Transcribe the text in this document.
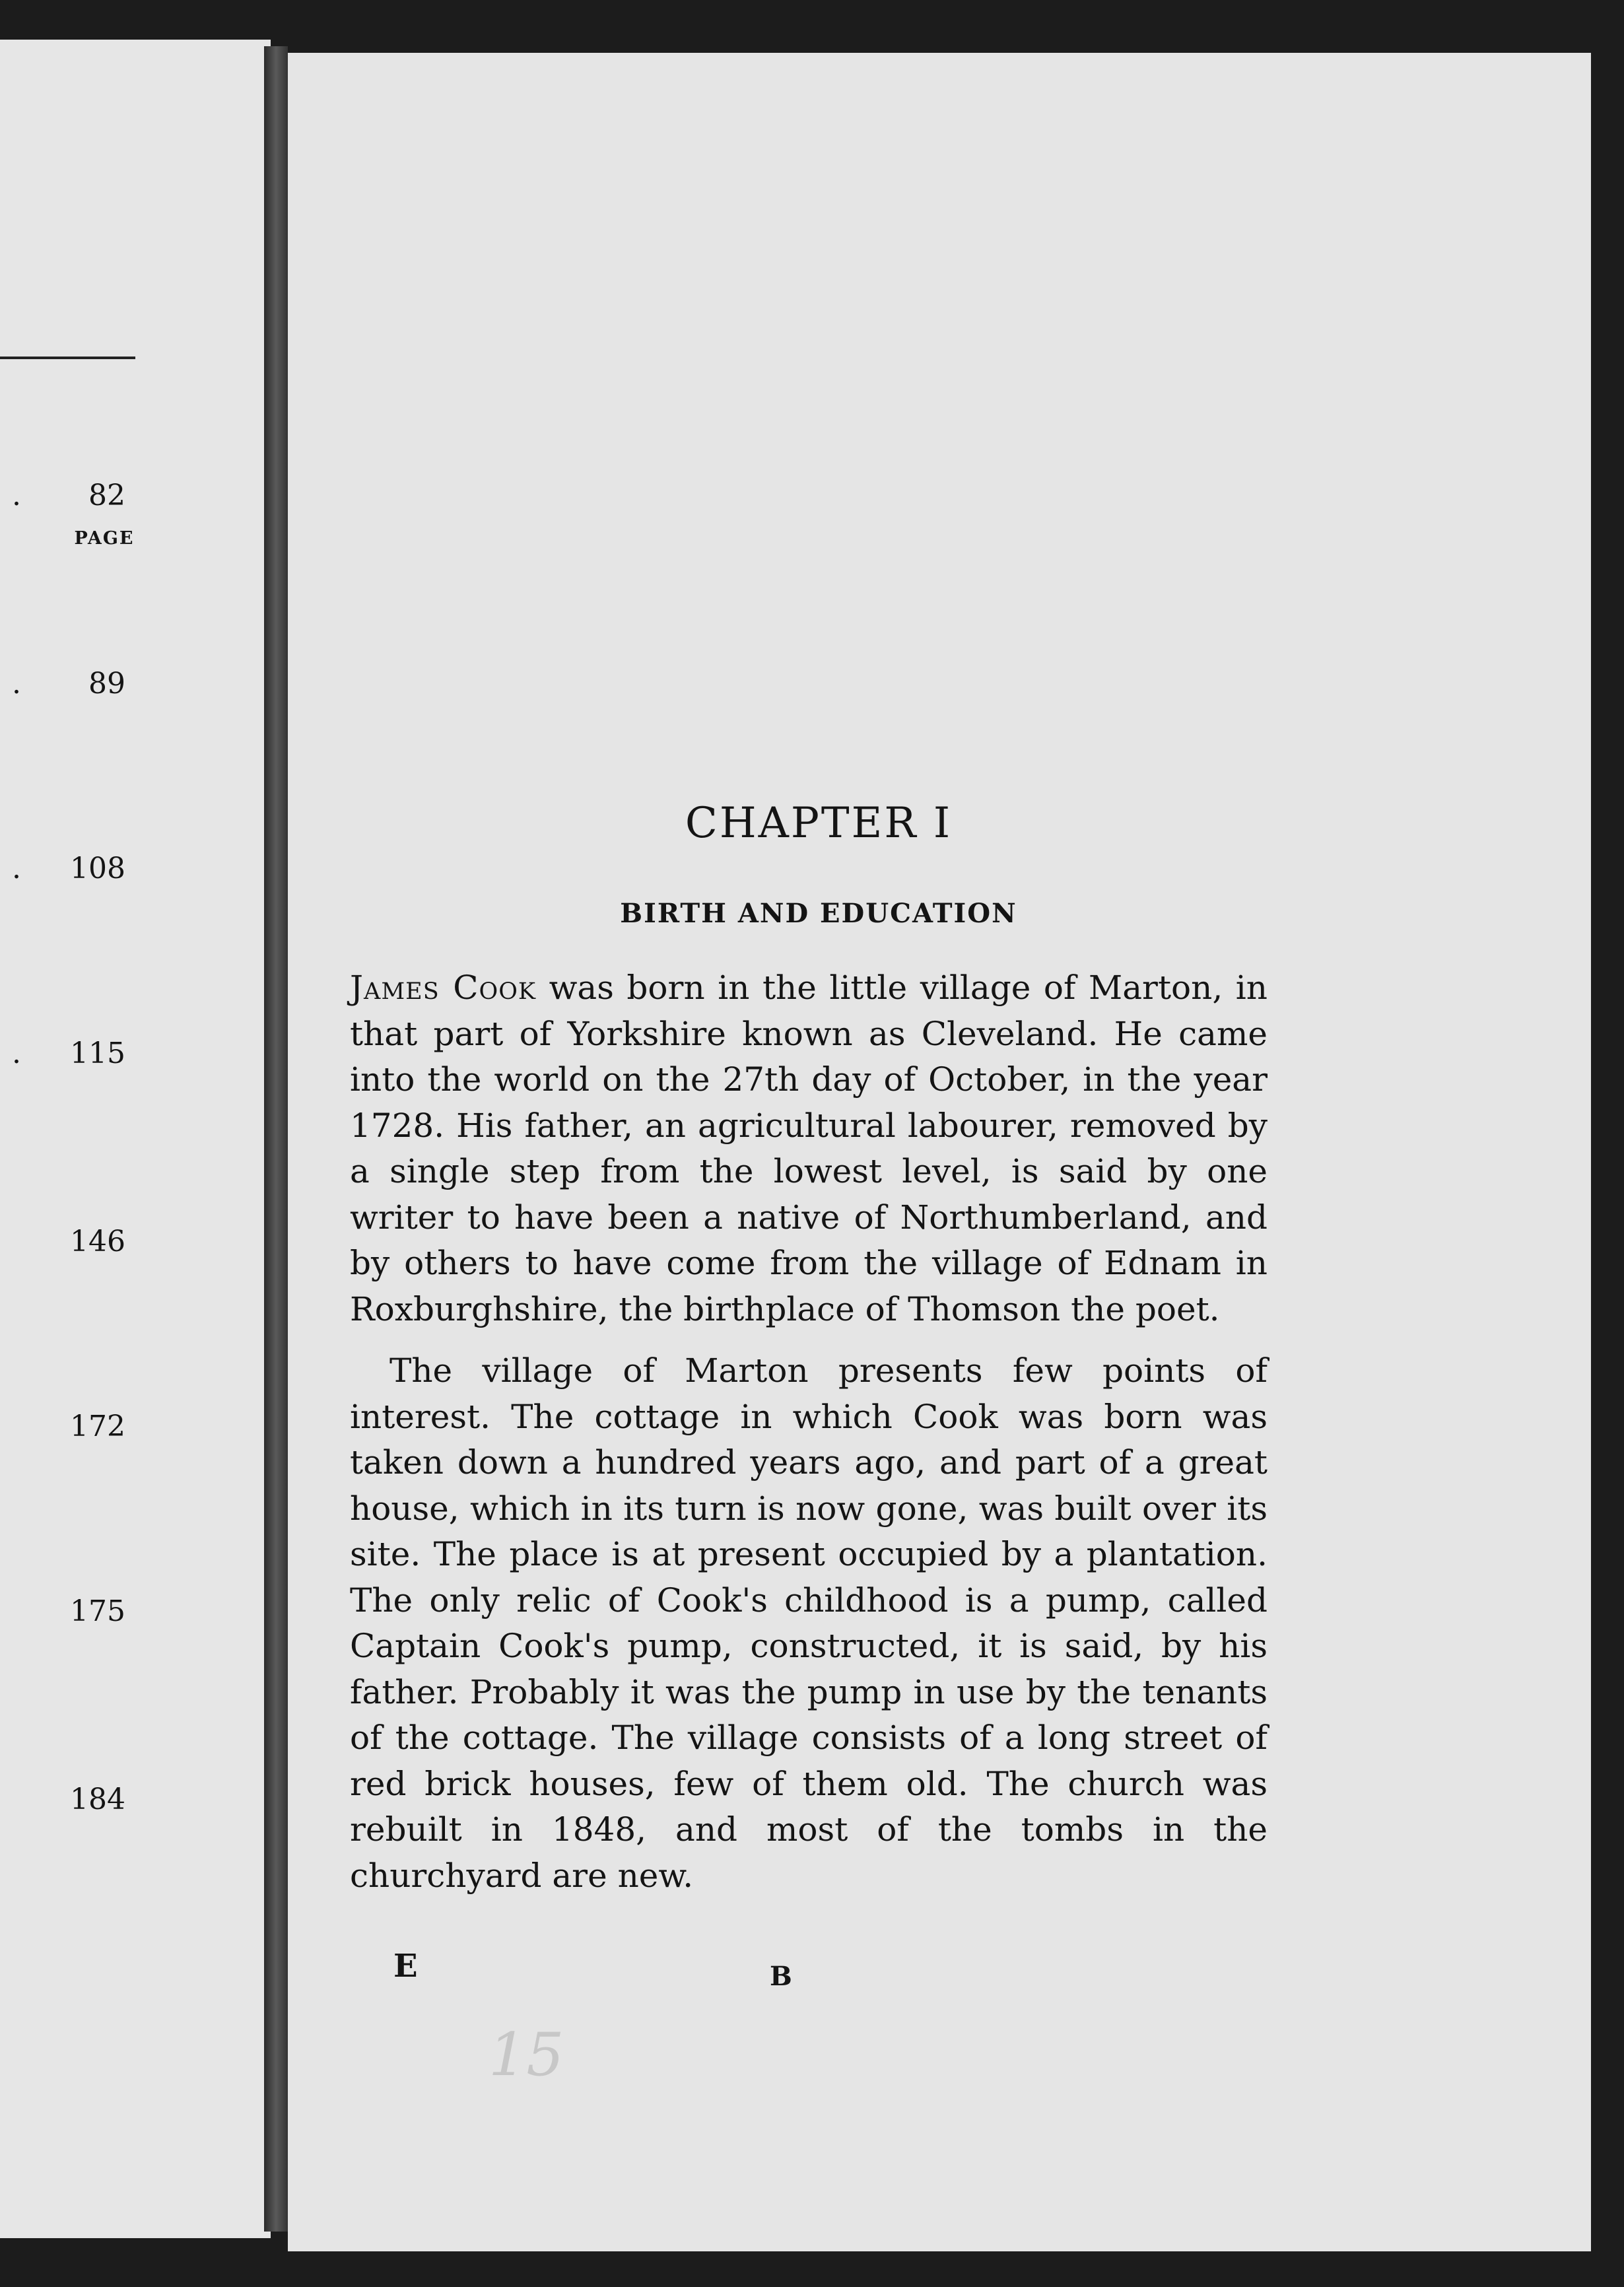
PAGE
. 82
. 89
. 108
. 115
146
172
175
184
CHAPTER I
BIRTH AND EDUCATION

James Cook was born in the little village of Marton, in that part of Yorkshire known as Cleveland. He came into the world on the 27th day of October, in the year 1728. His father, an agricultural labourer, removed by a single step from the lowest level, is said by one writer to have been a native of Northumberland, and by others to have come from the village of Ednam in Roxburghshire, the birthplace of Thomson the poet.

The village of Marton presents few points of interest. The cottage in which Cook was born was taken down a hundred years ago, and part of a great house, which in its turn is now gone, was built over its site. The place is at present occupied by a plantation. The only relic of Cook's childhood is a pump, called Captain Cook's pump, constructed, it is said, by his father. Probably it was the pump in use by the tenants of the cottage. The village consists of a long street of red brick houses, few of them old. The church was rebuilt in 1848, and most of the tombs in the churchyard are new.

E	B
15
